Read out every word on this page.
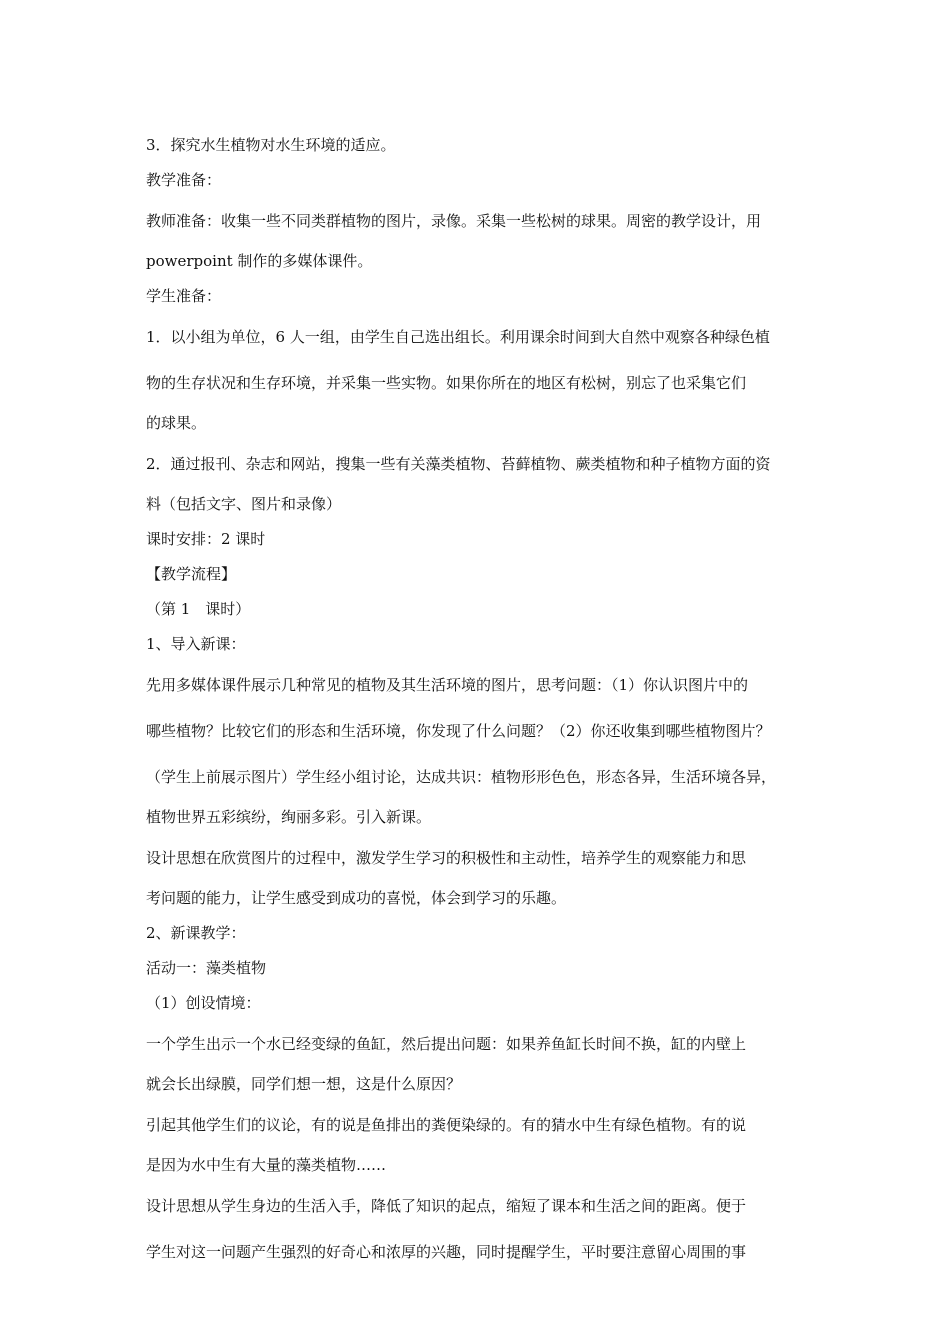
3．探究水生植物对水生环境的适应。

教学准备：

教师准备：收集一些不同类群植物的图片，录像。采集一些松树的球果。周密的教学设计，用

powerpoint 制作的多媒体课件。

学生准备：

1．以小组为单位，6 人一组，由学生自己选出组长。利用课余时间到大自然中观察各种绿色植

物的生存状况和生存环境，并采集一些实物。如果你所在的地区有松树，别忘了也采集它们

的球果。

2．通过报刊、杂志和网站，搜集一些有关藻类植物、苔藓植物、蕨类植物和种子植物方面的资

料（包括文字、图片和录像）

课时安排：2 课时

【教学流程】

（第 1　课时）

1、导入新课：

先用多媒体课件展示几种常见的植物及其生活环境的图片，思考问题：（1）你认识图片中的

哪些植物？比较它们的形态和生活环境，你发现了什么问题？（2）你还收集到哪些植物图片？

（学生上前展示图片）学生经小组讨论，达成共识：植物形形色色，形态各异，生活环境各异，

植物世界五彩缤纷，绚丽多彩。引入新课。

设计思想在欣赏图片的过程中，激发学生学习的积极性和主动性，培养学生的观察能力和思

考问题的能力，让学生感受到成功的喜悦，体会到学习的乐趣。

2、新课教学：

活动一：藻类植物

（1）创设情境：

一个学生出示一个水已经变绿的鱼缸，然后提出问题：如果养鱼缸长时间不换，缸的内壁上

就会长出绿膜，同学们想一想，这是什么原因？

引起其他学生们的议论，有的说是鱼排出的粪便染绿的。有的猜水中生有绿色植物。有的说

是因为水中生有大量的藻类植物……

设计思想从学生身边的生活入手，降低了知识的起点，缩短了课本和生活之间的距离。便于

学生对这一问题产生强烈的好奇心和浓厚的兴趣，同时提醒学生，平时要注意留心周围的事
